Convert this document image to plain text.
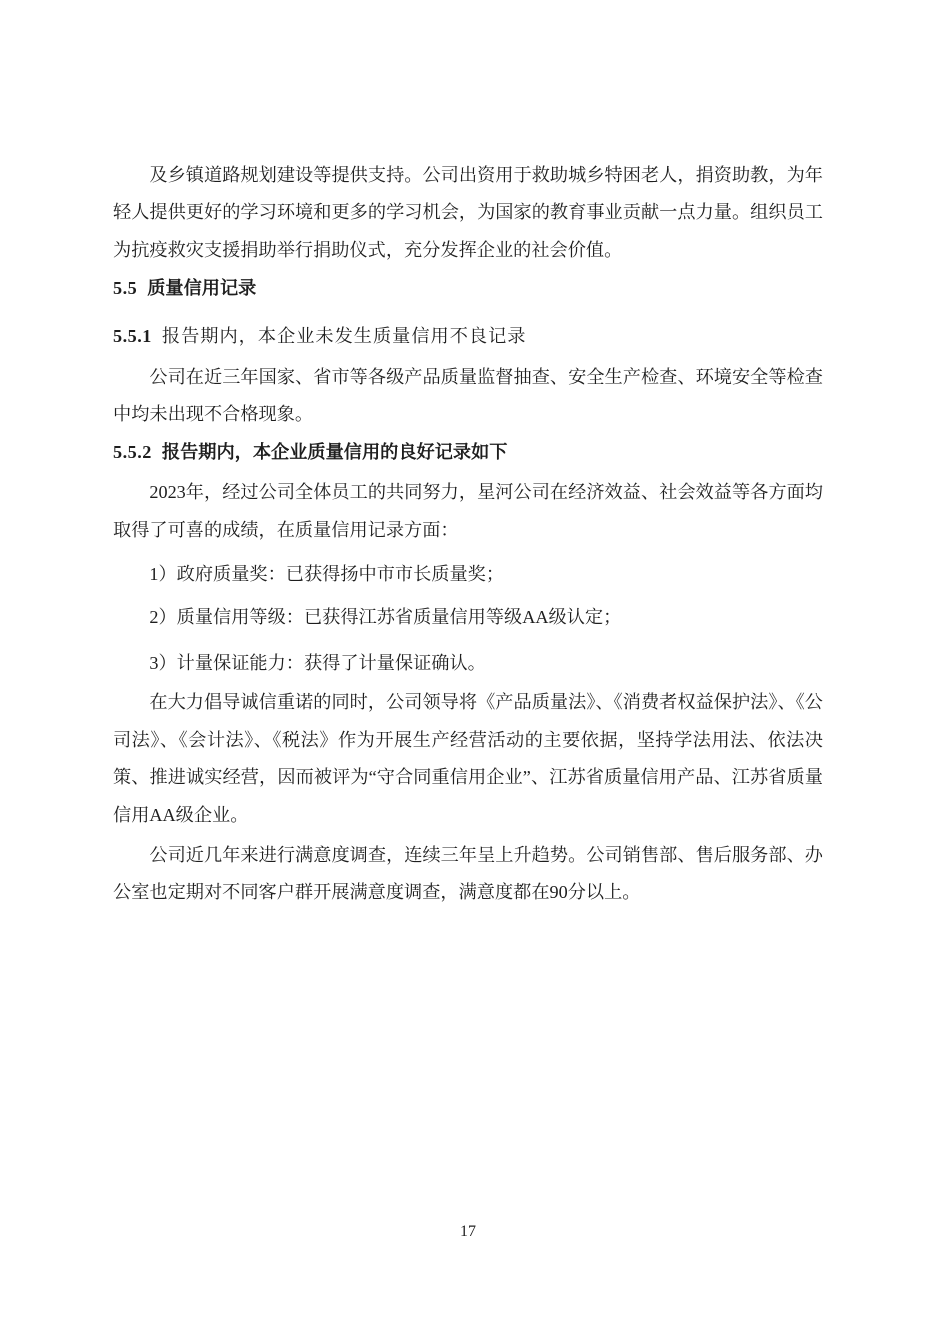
及乡镇道路规划建设等提供支持。公司出资用于救助城乡特困老人，捐资助教，为年轻人提供更好的学习环境和更多的学习机会，为国家的教育事业贡献一点力量。组织员工为抗疫救灾支援捐助举行捐助仪式，充分发挥企业的社会价值。

5.5 质量信用记录
5.5.1 报告期内，本企业未发生质量信用不良记录

公司在近三年国家、省市等各级产品质量监督抽查、安全生产检查、环境安全等检查中均未出现不合格现象。

5.5.2 报告期内，本企业质量信用的良好记录如下

2023年，经过公司全体员工的共同努力，星河公司在经济效益、社会效益等各方面均取得了可喜的成绩，在质量信用记录方面：

1）政府质量奖：已获得扬中市市长质量奖；

2）质量信用等级：已获得江苏省质量信用等级AA级认定；

3）计量保证能力：获得了计量保证确认。

在大力倡导诚信重诺的同时，公司领导将《产品质量法》、《消费者权益保护法》、《公司法》、《会计法》、《税法》作为开展生产经营活动的主要依据，坚持学法用法、依法决策、推进诚实经营，因而被评为“守合同重信用企业”、江苏省质量信用产品、江苏省质量信用AA级企业。

公司近几年来进行满意度调查，连续三年呈上升趋势。公司销售部、售后服务部、办公室也定期对不同客户群开展满意度调查，满意度都在90分以上。

17
